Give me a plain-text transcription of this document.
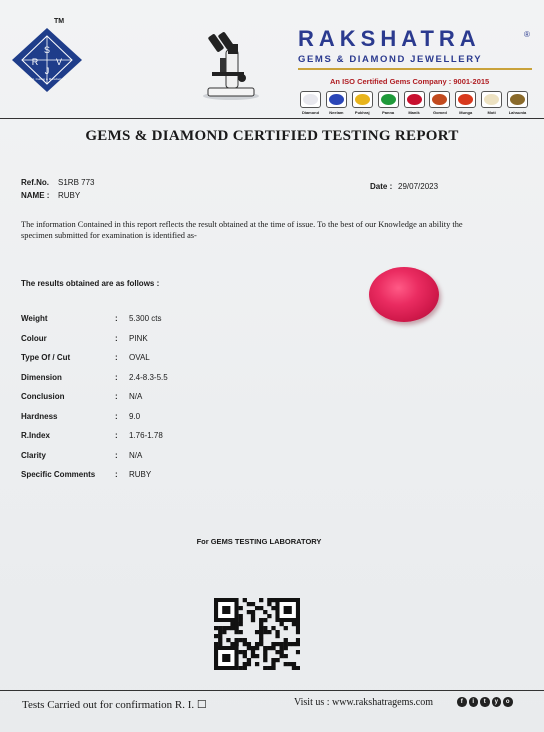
TM
S
R V
J
Govt. Cutting & Manufacturer
RAKSHATRA	®
GEMS & DIAMOND JEWELLERY
An ISO Certified Gems Company : 9001-2015
Diamond	Neelam	Pukhraj	Panna	Manik	Gomed	Munga	Moti	Lahsunia
GEMS & DIAMOND CERTIFIED TESTING REPORT
Ref.No. S1RB 773
NAME : RUBY
Date : 29/07/2023
The information Contained in this report reflects the result obtained at the time of issue. To the best of our Knowledge an ability the specimen submitted for examination is identified as-
The results obtained are as follows :
Weight	: 5.300 cts
Colour	: PINK
Type Of / Cut	: OVAL
Dimension	: 2.4-8.3-5.5
Conclusion	: N/A
Hardness	: 9.0
R.Index	: 1.76-1.78
Clarity	: N/A
Specific Comments : RUBY
For GEMS TESTING LABORATORY
Tests Carried out for confirmation R. I. ☐	Visit us : www.rakshatragems.com	f	i	t	y	o
